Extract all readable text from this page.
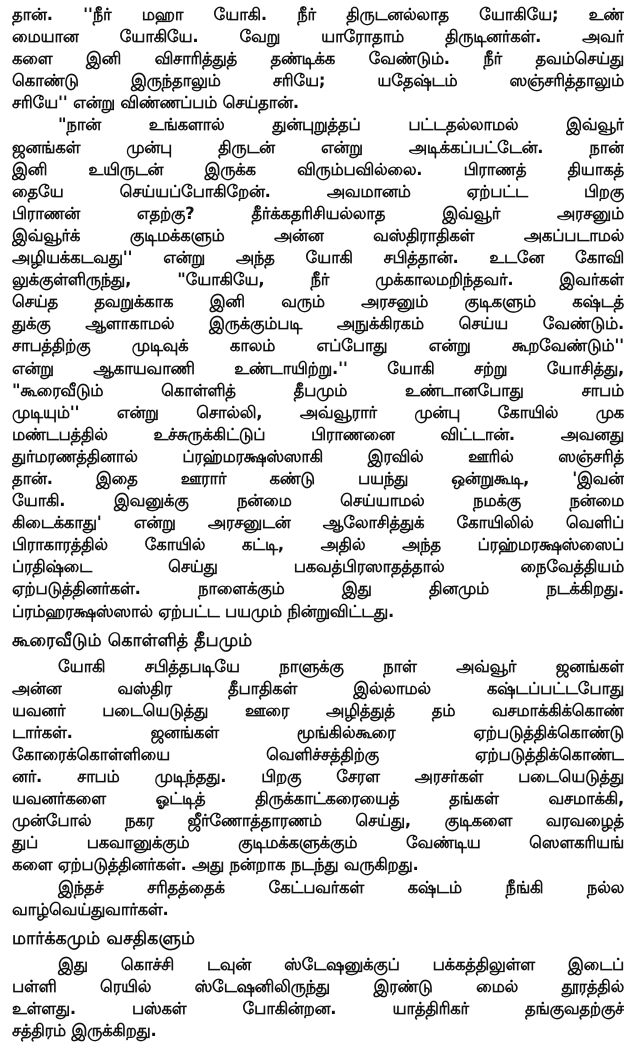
தான். ''நீர் மஹா யோகி. நீர் திருடனல்லாத யோகியே; உண்
மையான யோகியே. வேறு யாரோதாம் திருடினர்கள். அவர்
களை இனி விசாரித்துத் தண்டிக்க வேண்டும். நீர் தவம்செய்து
கொண்டு இருந்தாலும் சரியே; யதேஷ்டம் ஸஞ்சரித்தாலும்
சரியே'' என்று விண்ணப்பம் செய்தான்.
"நான் உங்களால் துன்புறுத்தப் பட்டதல்லாமல் இவ்வூர்
ஜனங்கள் முன்பு திருடன் என்று அடிக்கப்பட்டேன். நான்
இனி உயிருடன் இருக்க விரும்பவில்லை. பிராணத் தியாகத்
தையே செய்யப்போகிறேன். அவமானம் ஏற்பட்ட பிறகு
பிராணன் எதற்கு? தீர்க்கதரிசியல்லாத இவ்வூர் அரசனும்
இவ்வூர்க் குடிமக்களும் அன்ன வஸ்திராதிகள் அகப்படாமல்
அழியக்கடவது'' என்று அந்த யோகி சபித்தான். உடனே கோவி
லுக்குள்ளிருந்து, "யோகியே, நீர் முக்காலமறிந்தவர். இவர்கள்
செய்த தவறுக்காக இனி வரும் அரசனும் குடிகளும் கஷ்டத்
துக்கு ஆளாகாமல் இருக்கும்படி அநுக்கிரகம் செய்ய வேண்டும்.
சாபத்திற்கு முடிவுக் காலம் எப்போது என்று கூறவேண்டும்''
என்று ஆகாயவாணி உண்டாயிற்று.'' யோகி சற்று யோசித்து,
"கூரைவீடும் கொள்ளித் தீபமும் உண்டானபோது சாபம்
முடியும்'' என்று சொல்லி, அவ்வூரார் முன்பு கோயில் முக
மண்டபத்தில் உச்சுருக்கிட்டுப் பிராணனை விட்டான். அவனது
துர்மரணத்தினால் ப்ரஹ்மரக்ஷஸ்ஸாகி இரவில் ஊரில் ஸஞ்சரித்
தான். இதை ஊரார் கண்டு பயந்து ஒன்றுகூடி, 'இவன்
யோகி. இவனுக்கு நன்மை செய்யாமல் நமக்கு நன்மை
கிடைக்காது' என்று அரசனுடன் ஆலோசித்துக் கோயிலில் வெளிப்
பிராகாரத்தில் கோயில் கட்டி, அதில் அந்த ப்ரஹ்மரக்ஷஸ்ஸைப்
ப்ரதிஷ்டை செய்து பகவத்பிரஸாதத்தால் நைவேத்தியம்
ஏற்படுத்தினர்கள். நாளைக்கும் இது தினமும் நடக்கிறது.
ப்ரம்ஹரக்ஷஸ்ஸால் ஏற்பட்ட பயமும் நின்றுவிட்டது.
கூரைவீடும் கொள்ளித் தீபமும்
யோகி சபித்தபடியே நாளுக்கு நாள் அவ்வூர் ஜனங்கள்
அன்ன வஸ்திர தீபாதிகள் இல்லாமல் கஷ்டப்பட்டபோது
யவனர் படையெடுத்து ஊரை அழித்துத் தம் வசமாக்கிக்கொண்
டார்கள். ஜனங்கள் மூங்கில்கூரை ஏற்படுத்திக்கொண்டு
கோரைக்கொள்ளியை வெளிச்சத்திற்கு ஏற்படுத்திக்கொண்ட
னர். சாபம் முடிந்தது. பிறகு சேரள அரசர்கள் படையெடுத்து
யவனர்களை ஓட்டித் திருக்காட்கரையைத் தங்கள் வசமாக்கி,
முன்போல் நகர ஜீர்ணோத்தாரணம் செய்து, குடிகளை வரவழைத்
துப் பகவானுக்கும் குடிமக்களுக்கும் வேண்டிய ஸௌகரியங்
களை ஏற்படுத்தினர்கள். அது நன்றாக நடந்து வருகிறது.
இந்தச் சரிதத்தைக் கேட்பவர்கள் கஷ்டம் நீங்கி நல்ல
வாழ்வெய்துவார்கள்.
மார்க்கமும் வசதிகளும்
இது கொச்சி டவுன் ஸ்டேஷனுக்குப் பக்கத்திலுள்ள இடைப்
பள்ளி ரெயில் ஸ்டேஷனிலிருந்து இரண்டு மைல் தூரத்தில்
உள்ளது. பஸ்கள் போகின்றன. யாத்திரிகர் தங்குவதற்குச்
சத்திரம் இருக்கிறது.
